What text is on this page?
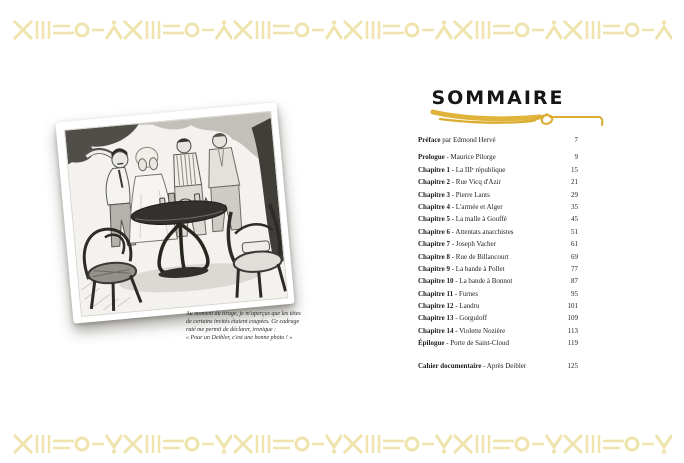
Au moment du tirage, je m'aperçus que les têtes
de certains invités étaient coupées. Ce cadrage
raté me permit de déclarer, ironique :
« Pour un Deibler, c'est une bonne photo ! »
SOMMAIRE
Préface par Edmond Hervé	7
Prologue - Maurice Pilorge	9
Chapitre 1 - La IIIᵉ république	15
Chapitre 2 - Rue Vicq d'Azir	21
Chapitre 3 - Pierre Lants	29
Chapitre 4 - L'armée et Alger	35
Chapitre 5 - La malle à Gouffé	45
Chapitre 6 - Attentats anarchistes	51
Chapitre 7 - Joseph Vacher	61
Chapitre 8 - Rue de Billancourt	69
Chapitre 9 - La bande à Pollet	77
Chapitre 10 - La bande à Bonnot	87
Chapitre 11 - Furnes	95
Chapitre 12 - Landru	101
Chapitre 13 - Gorguloff	109
Chapitre 14 - Violette Nozière	113
Épilogue - Porte de Saint-Cloud	119
Cahier documentaire - Après Deibler	125
